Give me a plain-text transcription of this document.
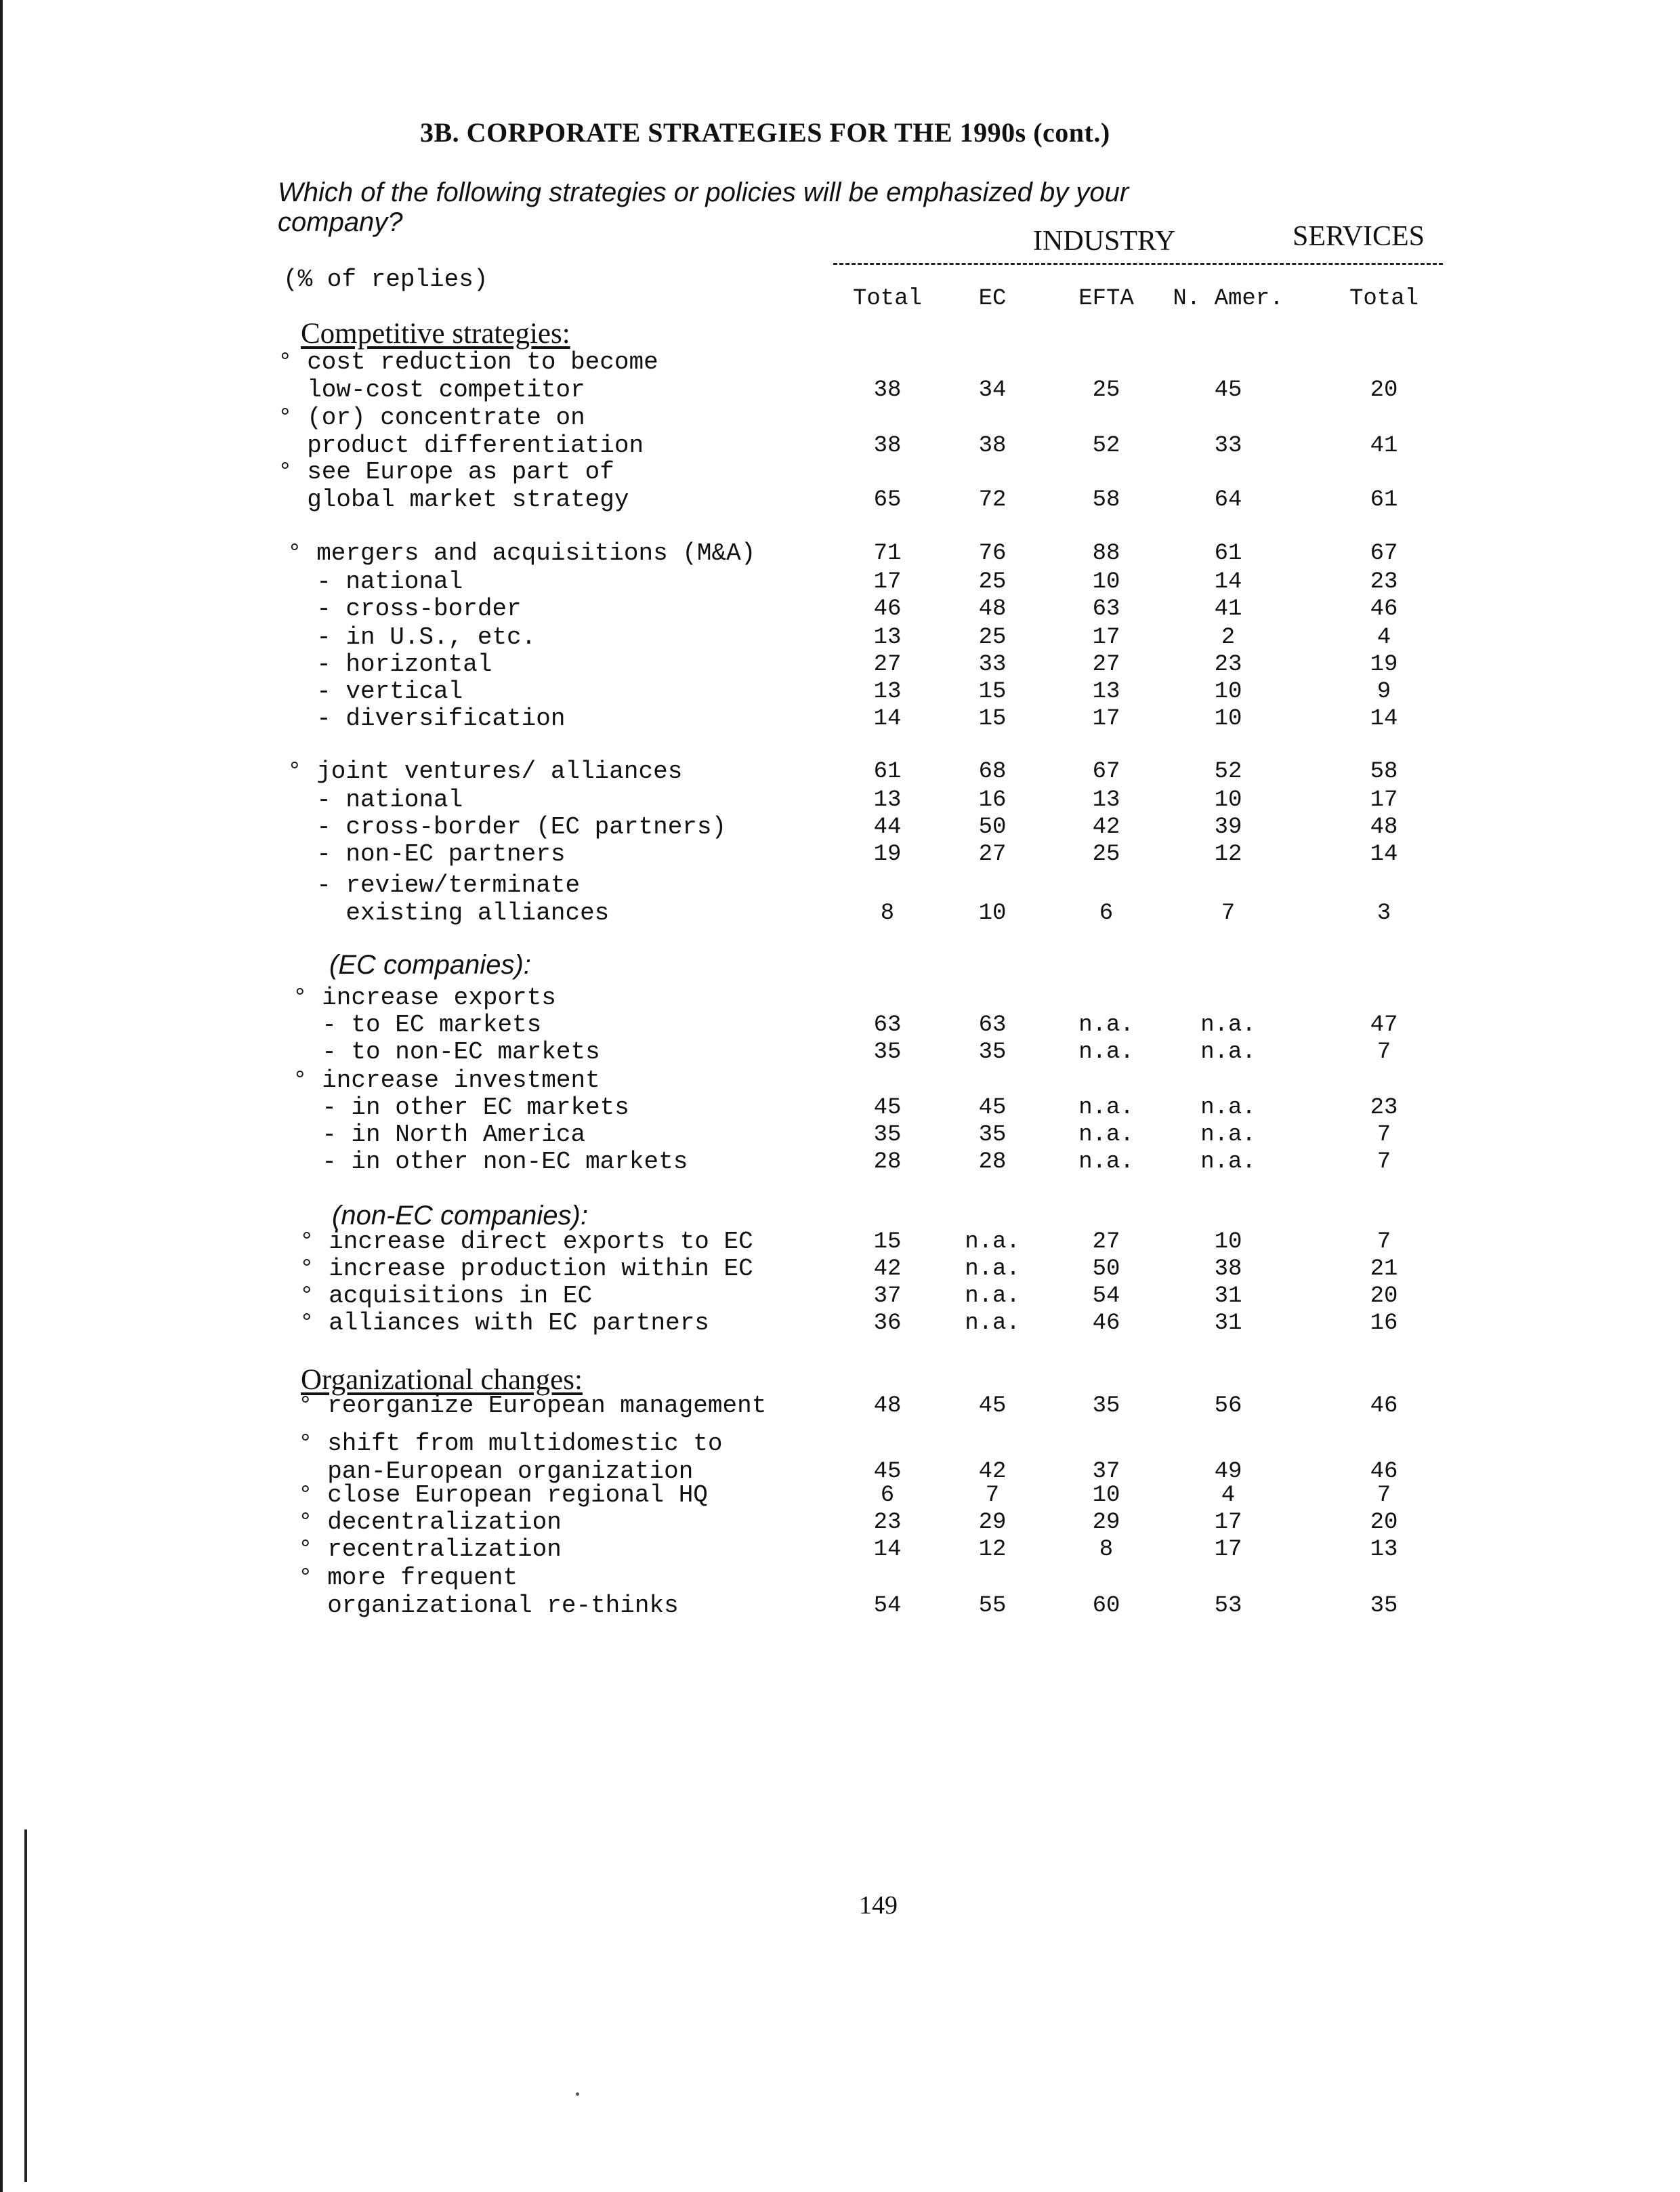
3B. CORPORATE STRATEGIES FOR THE 1990s (cont.)
Which of the following strategies or policies will be emphasized by your company?
INDUSTRY	SERVICES
(% of replies)
Total	EC	EFTA	N. Amer.	Total
Competitive strategies:
(EC companies):
(non-EC companies):
Organizational changes:
° cost reduction to become
low-cost competitor	38	34	25	45	20
° (or) concentrate on
product differentiation	38	38	52	33	41
° see Europe as part of
global market strategy	65	72	58	64	61
° mergers and acquisitions (M&A)	71	76	88	61	67
- national	17	25	10	14	23
- cross-border	46	48	63	41	46
- in U.S., etc.	13	25	17	2	4
- horizontal	27	33	27	23	19
- vertical	13	15	13	10	9
- diversification	14	15	17	10	14
° joint ventures/ alliances	61	68	67	52	58
- national	13	16	13	10	17
- cross-border (EC partners)	44	50	42	39	48
- non-EC partners	19	27	25	12	14
- review/terminate
existing alliances	8	10	6	7	3
° increase exports
- to EC markets	63	63	n.a.	n.a.	47
- to non-EC markets	35	35	n.a.	n.a.	7
° increase investment
- in other EC markets	45	45	n.a.	n.a.	23
- in North America	35	35	n.a.	n.a.	7
- in other non-EC markets	28	28	n.a.	n.a.	7
° increase direct exports to EC	15	n.a.	27	10	7
° increase production within EC	42	n.a.	50	38	21
° acquisitions in EC	37	n.a.	54	31	20
° alliances with EC partners	36	n.a.	46	31	16
° reorganize European management	48	45	35	56	46
° shift from multidomestic to
pan-European organization	45	42	37	49	46
° close European regional HQ	6	7	10	4	7
° decentralization	23	29	29	17	20
° recentralization	14	12	8	17	13
° more frequent
organizational re-thinks	54	55	60	53	35
149
